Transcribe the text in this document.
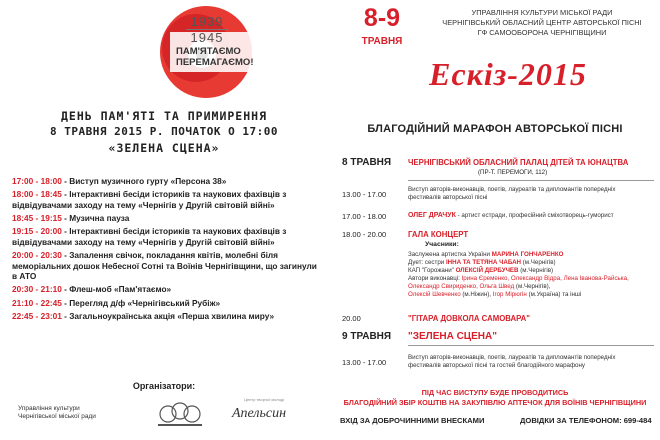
1939
1945
ПАМ'ЯТАЄМО
ПЕРЕМАГАЄМО!
ДЕНЬ ПАМ'ЯТІ ТА ПРИМИРЕННЯ
8 ТРАВНЯ 2015 Р. ПОЧАТОК О 17:00
«ЗЕЛЕНА СЦЕНА»
17:00 - 18:00 - Виступ музичного гурту «Персона 38»
18:00 - 18:45 - Інтерактивні бесіди істориків та наукових фахівців з відвідувачами заходу на тему «Чернігів у Другій світовій війні»
18:45 - 19:15 - Музична пауза
19:15 - 20:00 - Інтерактивні бесіди істориків та наукових фахівців з відвідувачами заходу на тему «Чернігів у Другій світовій війні»
20:00 - 20:30 - Запалення свічок, покладання квітів, молебні біля меморіальних дошок Небесної Сотні та Воїнів Чернігівщини, що загинули в АТО
20:30 - 21:10 - Флеш-моб «Пам'ятаємо»
21:10 - 22:45 - Перегляд д/ф «Чернігівський Рубіж»
22:45 - 23:01 - Загальноукраїнська акція «Перша хвилина миру»
Організатори:
Управління культури
Чернігівської міської ради
Центр творчої молоді
Апельсин
8-9
ТРАВНЯ
УПРАВЛІННЯ КУЛЬТУРИ МІСЬКОЇ РАДИ
ЧЕРНІГІВСЬКИЙ ОБЛАСНИЙ ЦЕНТР АВТОРСЬКОЇ ПІСНІ
ГФ САМООБОРОНА ЧЕРНІГІВЩИНИ
Ескіз-2015
БЛАГОДІЙНИЙ МАРАФОН АВТОРСЬКОЇ ПІСНІ
8 ТРАВНЯ ЧЕРНІГІВСЬКИЙ ОБЛАСНИЙ ПАЛАЦ ДІТЕЙ ТА ЮНАЦТВА
(ПР-Т. ПЕРЕМОГИ, 112)
13.00 - 17.00
Виступ авторів-виконавців, поетів, лауреатів та дипломантів попередніх
фестивалів авторської пісні
17.00 - 18.00	ОЛЕГ ДРАЧУК - артист естради, професійний сміхотворець-гуморист
18.00 - 20.00	ГАЛА КОНЦЕРТ
Учасники:
Заслужена артистка України МАРИНА ГОНЧАРЕНКО
Дует: сестри ІННА ТА ТЕТЯНА ЧАБАН (м.Чернігів)
КАП "Горожани" ОЛЕКСІЙ ДЕРБУЧЕВ (м.Чернігів)
Автори виконавці: Ірина Єременко, Олександр Відра, Лена Іванова-Райська,
Олександр Свириденко, Ольга Швед (м.Чернігів),
Олексій Шевченко (м.Ніжин), Ігор Мірюгін (м.Україна) та інші
20.00	"ГІТАРА ДОВКОЛА САМОВАРА"
9 ТРАВНЯ "ЗЕЛЕНА СЦЕНА"
13.00 - 17.00
Виступ авторів-виконавців, поетів, лауреатів та дипломантів попередніх
фестивалів авторської пісні та гостей благодійного марафону
ПІД ЧАС ВИСТУПУ БУДЕ ПРОВОДИТИСЬ
БЛАГОДІЙНИЙ ЗБІР КОШТІВ НА ЗАКУПІВЛЮ АПТЕЧОК ДЛЯ ВОЇНІВ ЧЕРНІГІВЩИНИ
ВХІД ЗА ДОБРОЧИННИМИ ВНЕСКАМИ	ДОВІДКИ ЗА ТЕЛЕФОНОМ: 699-484
